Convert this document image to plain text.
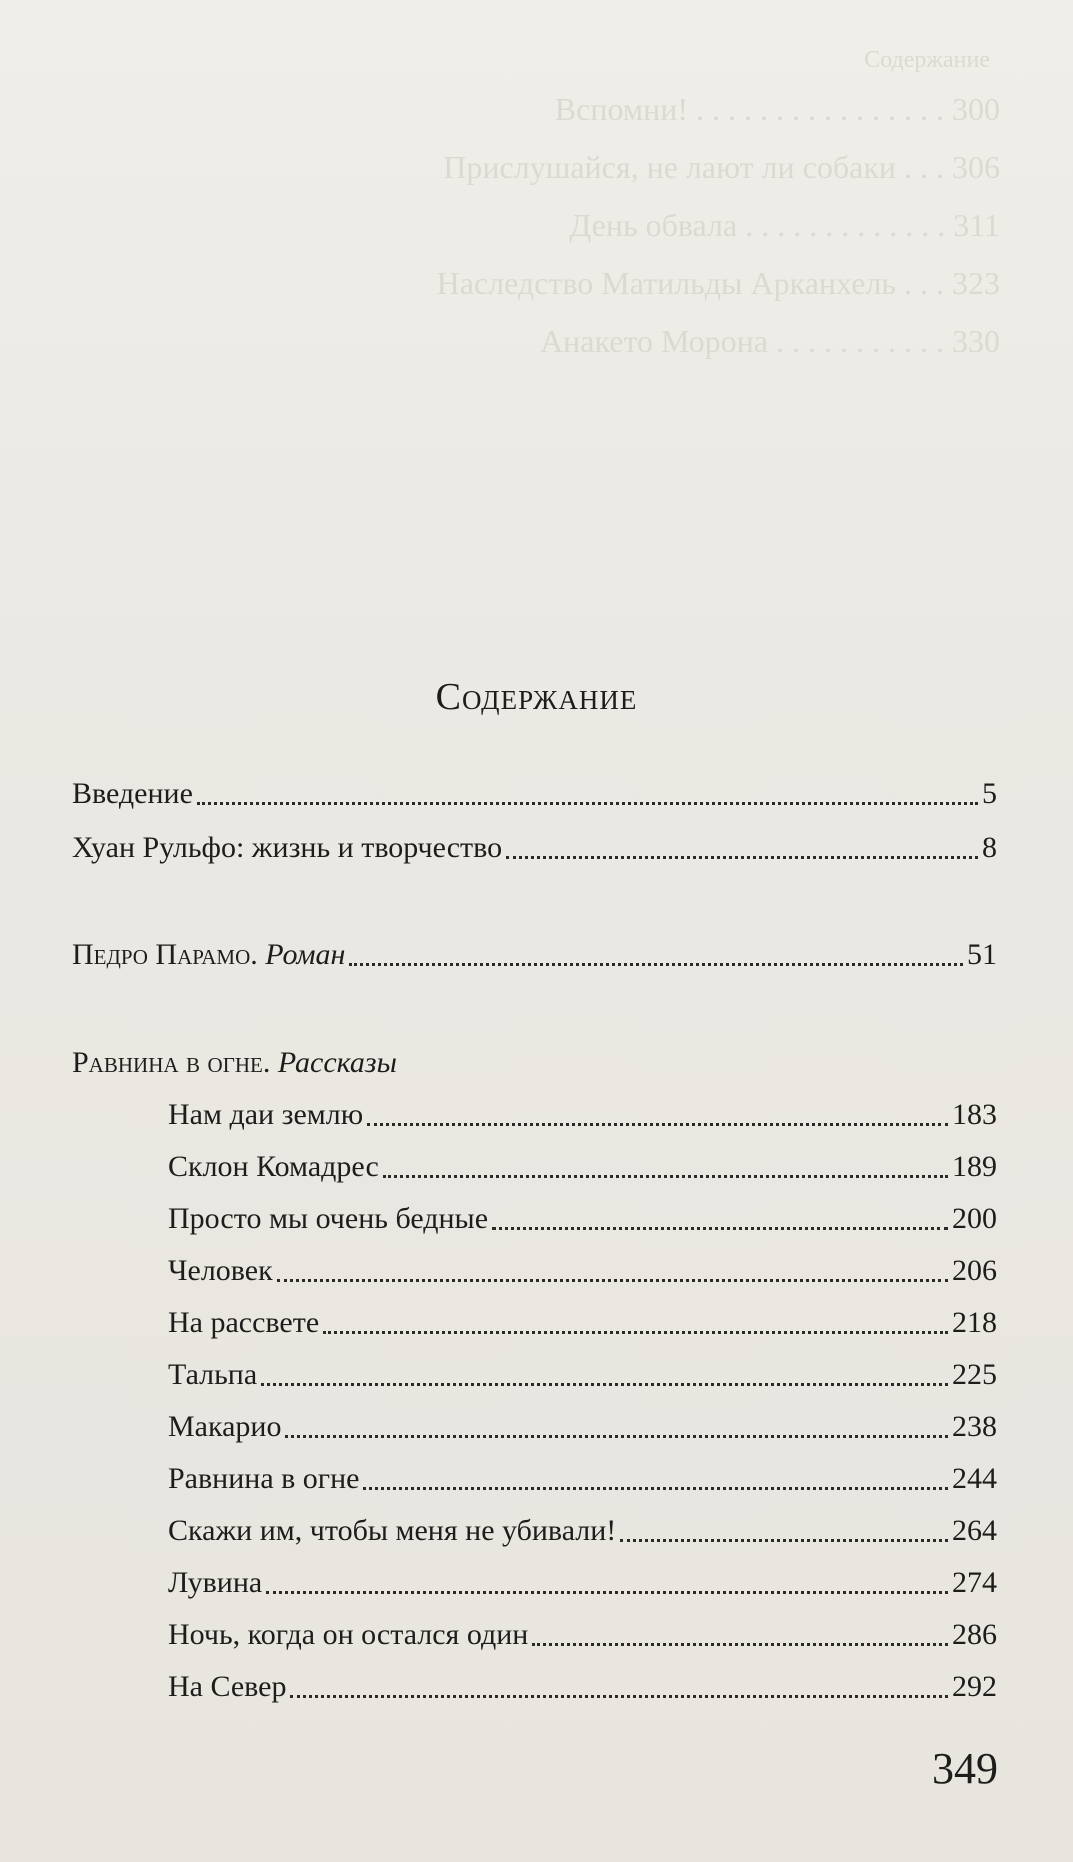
Содержание
Вспомни! . . . . . . . . . . . . . . . . 300
Прислушайся, не лают ли собаки . . . 306
День обвала . . . . . . . . . . . . . 311
Наследство Матильды Арканхель . . . 323
Анакето Морона . . . . . . . . . . . 330
Содержание
Введение	5
Хуан Рульфо: жизнь и творчество	8
Педро Парамо. Роман	51
Равнина в огне. Рассказы
Нам даи землю	183
Склон Комадрес	189
Просто мы очень бедные	200
Человек	206
На рассвете	218
Тальпа	225
Макарио	238
Равнина в огне	244
Скажи им, чтобы меня не убивали!	264
Лувина	274
Ночь, когда он остался один	286
На Север	292
349
